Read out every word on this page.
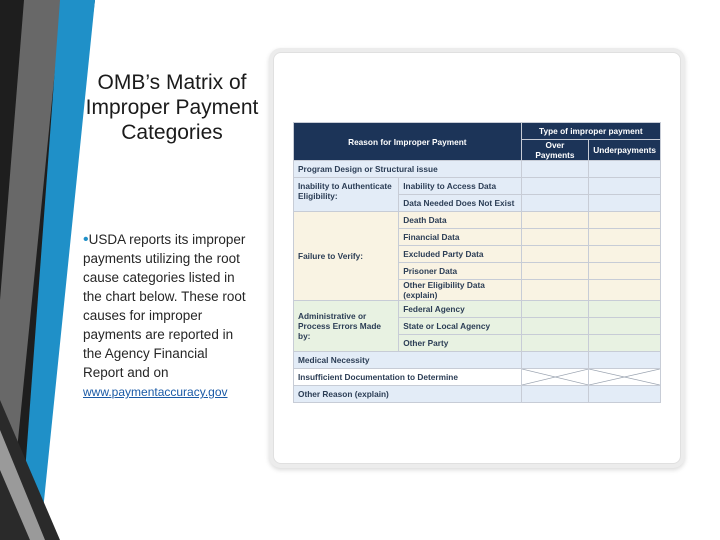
OMB’s Matrix of Improper Payment Categories
•USDA reports its improper payments utilizing the root cause categories listed in the chart below. These root causes for improper payments are reported in the Agency Financial Report and on www.paymentaccuracy.gov
Reason for Improper Payment		Type of improper payment	
		Over Payments	Underpayments
Program Design or Structural issue			
Inability to Authenticate Eligibility:	Inability to Access Data		
	Data Needed Does Not Exist		
Failure to Verify:	Death Data		
	Financial Data		
	Excluded Party Data		
	Prisoner Data		
	Other Eligibility Data (explain)		
Administrative or Process Errors Made by:	Federal Agency		
	State or Local Agency		
	Other Party		
Medical Necessity			
Insufficient Documentation to Determine	

Other Reason (explain)			
